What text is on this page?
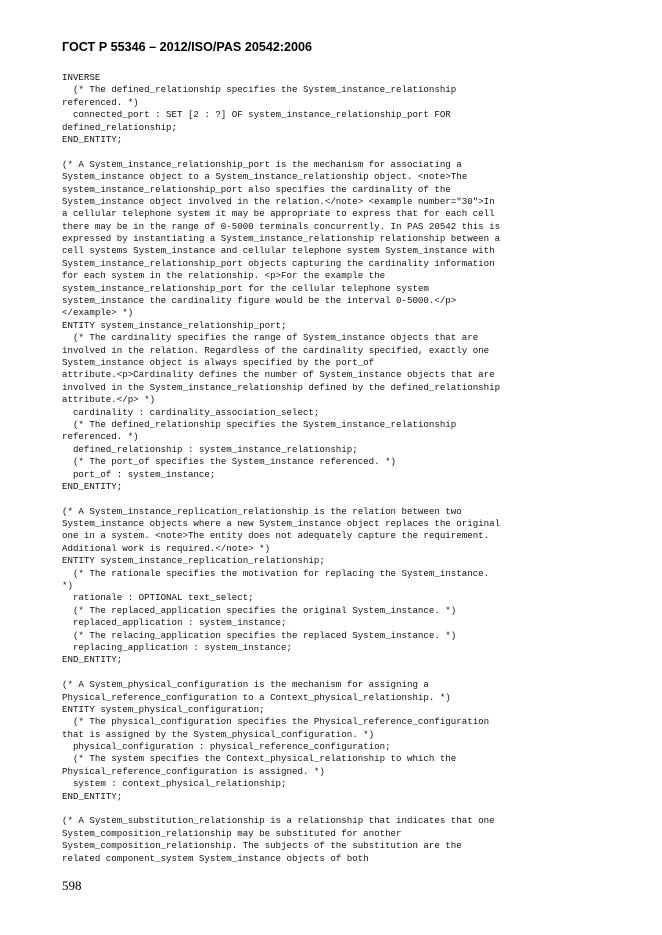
ГОСТ Р 55346 – 2012/ISO/PAS 20542:2006
INVERSE
(* The defined_relationship specifies the System_instance_relationship
referenced. *)
connected_port : SET [2 : ?] OF system_instance_relationship_port FOR
defined_relationship;
END_ENTITY;
(* A System_instance_relationship_port is the mechanism for associating a
System_instance object to a System_instance_relationship object. <note>The
system_instance_relationship_port also specifies the cardinality of the
System_instance object involved in the relation.</note> <example number="30">In
a cellular telephone system it may be appropriate to express that for each cell
there may be in the range of 0-5000 terminals concurrently. In PAS 20542 this is
expressed by instantiating a System_instance_relationship relationship between a
cell systems System_instance and cellular telephone system System_instance with
System_instance_relationship_port objects capturing the cardinality information
for each system in the relationship. <p>For the example the
system_instance_relationship_port for the cellular telephone system
system_instance the cardinality figure would be the interval 0-5000.</p>
</example> *)
ENTITY system_instance_relationship_port;
(* The cardinality specifies the range of System_instance objects that are
involved in the relation. Regardless of the cardinality specified, exactly one
System_instance object is always specified by the port_of
attribute.<p>Cardinality defines the number of System_instance objects that are
involved in the System_instance_relationship defined by the defined_relationship
attribute.</p> *)
cardinality : cardinality_association_select;
(* The defined_relationship specifies the System_instance_relationship
referenced. *)
defined_relationship : system_instance_relationship;
(* The port_of specifies the System_instance referenced. *)
port_of : system_instance;
END_ENTITY;
(* A System_instance_replication_relationship is the relation between two
System_instance objects where a new System_instance object replaces the original
one in a system. <note>The entity does not adequately capture the requirement.
Additional work is required.</note> *)
ENTITY system_instance_replication_relationship;
(* The rationale specifies the motivation for replacing the System_instance.
*)
rationale : OPTIONAL text_select;
(* The replaced_application specifies the original System_instance. *)
replaced_application : system_instance;
(* The relacing_application specifies the replaced System_instance. *)
replacing_application : system_instance;
END_ENTITY;
(* A System_physical_configuration is the mechanism for assigning a
Physical_reference_configuration to a Context_physical_relationship. *)
ENTITY system_physical_configuration;
(* The physical_configuration specifies the Physical_reference_configuration
that is assigned by the System_physical_configuration. *)
physical_configuration : physical_reference_configuration;
(* The system specifies the Context_physical_relationship to which the
Physical_reference_configuration is assigned. *)
system : context_physical_relationship;
END_ENTITY;
(* A System_substitution_relationship is a relationship that indicates that one
System_composition_relationship may be substituted for another
System_composition_relationship. The subjects of the substitution are the
related component_system System_instance objects of both
598
